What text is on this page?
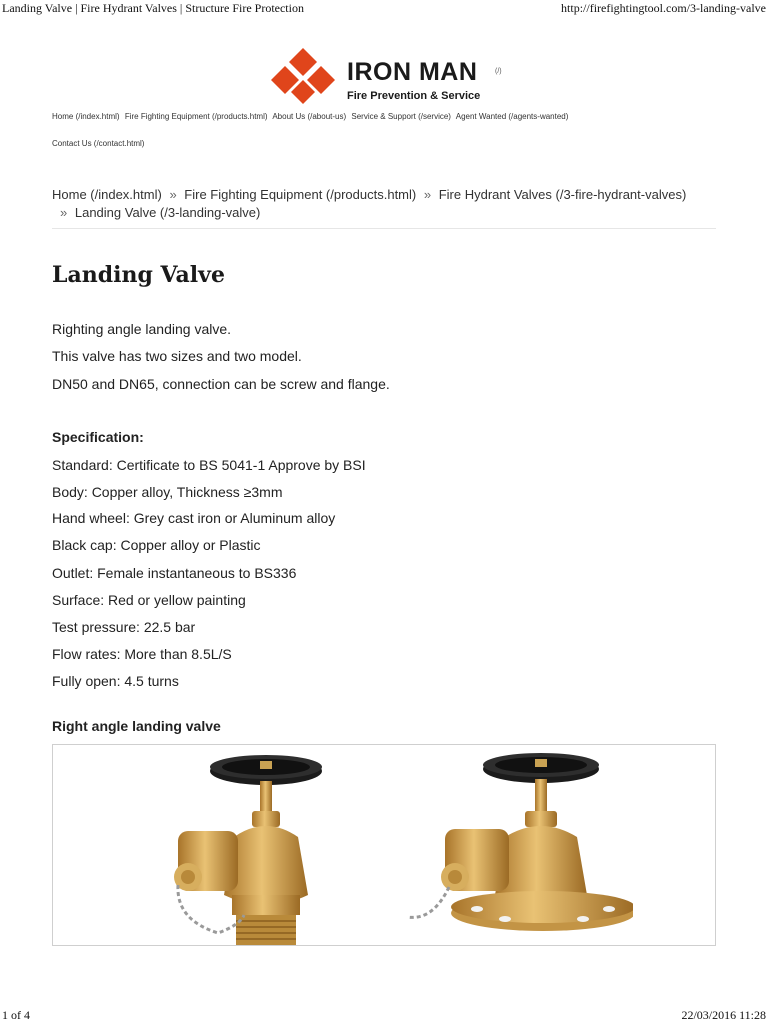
Landing Valve | Fire Hydrant Valves | Structure Fire Protection	http://firefightingtool.com/3-landing-valve
IRON MAN
Fire Prevention & Service
(/)
Home (/index.html) Fire Fighting Equipment (/products.html) About Us (/about-us) Service & Support (/service) Agent Wanted (/agents-wanted)
Contact Us (/contact.html)
Home (/index.html) » Fire Fighting Equipment (/products.html) » Fire Hydrant Valves (/3-fire-hydrant-valves)
» Landing Valve (/3-landing-valve)
Landing Valve

Righting angle landing valve.

This valve has two sizes and two model.

DN50 and DN65, connection can be screw and flange.

Specification:

Standard: Certificate to BS 5041-1 Approve by BSI

Body: Copper alloy, Thickness ≥3mm

Hand wheel: Grey cast iron or Aluminum alloy

Black cap: Copper alloy or Plastic

Outlet: Female instantaneous to BS336

Surface: Red or yellow painting

Test pressure: 22.5 bar

Flow rates: More than 8.5L/S

Fully open: 4.5 turns

Right angle landing valve

1 of 4	22/03/2016 11:28
